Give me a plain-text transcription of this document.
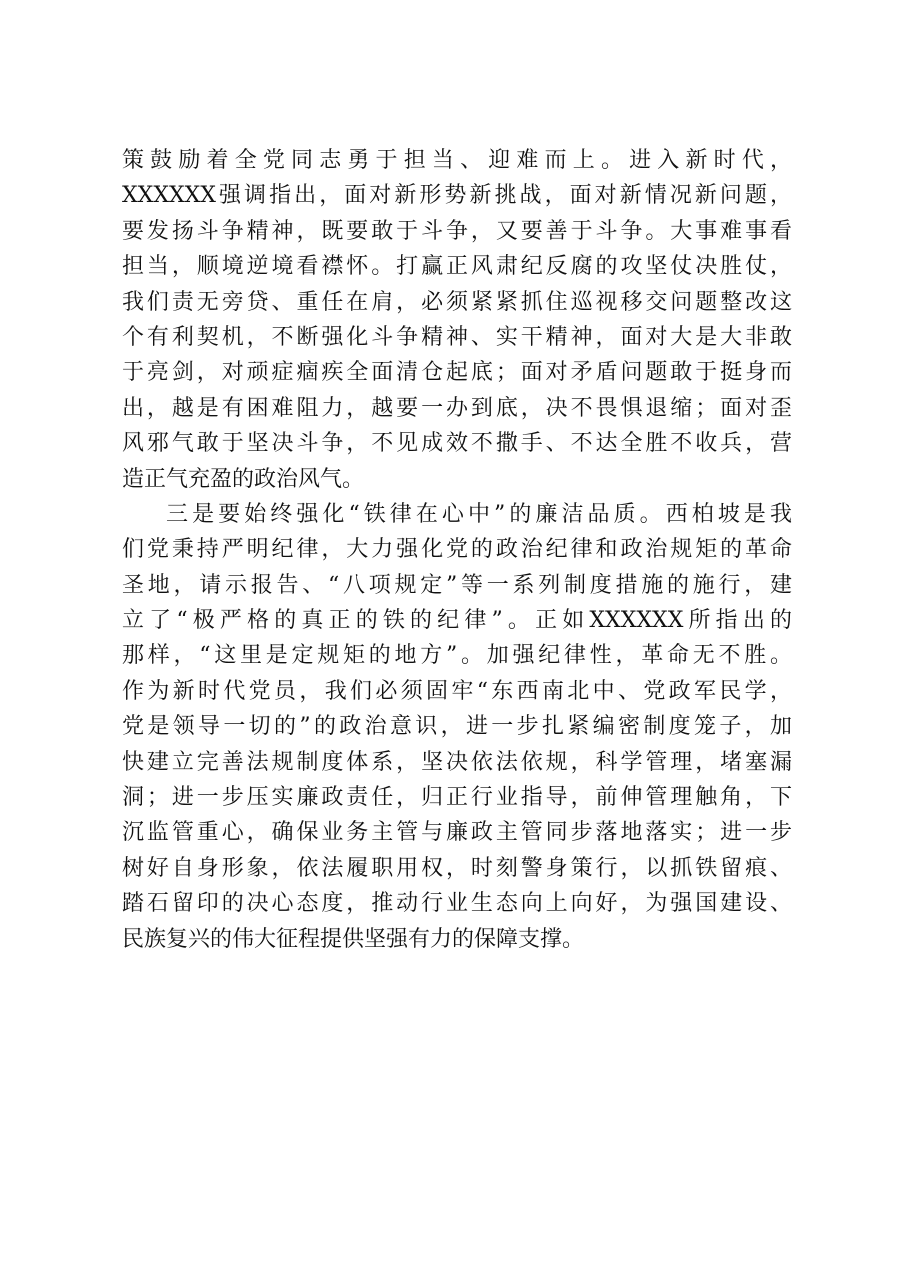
策鼓励着全党同志勇于担当、迎难而上。进入新时代，
XXXXXX强调指出，面对新形势新挑战，面对新情况新问题，
要发扬斗争精神，既要敢于斗争，又要善于斗争。大事难事看
担当，顺境逆境看襟怀。打赢正风肃纪反腐的攻坚仗决胜仗，
我们责无旁贷、重任在肩，必须紧紧抓住巡视移交问题整改这
个有利契机，不断强化斗争精神、实干精神，面对大是大非敢
于亮剑，对顽症痼疾全面清仓起底；面对矛盾问题敢于挺身而
出，越是有困难阻力，越要一办到底，决不畏惧退缩；面对歪
风邪气敢于坚决斗争，不见成效不撒手、不达全胜不收兵，营
造正气充盈的政治风气。
三是要始终强化“铁律在心中”的廉洁品质。西柏坡是我
们党秉持严明纪律，大力强化党的政治纪律和政治规矩的革命
圣地，请示报告、“八项规定”等一系列制度措施的施行，建
立了“极严格的真正的铁的纪律”。正如XXXXXX所指出的
那样，“这里是定规矩的地方”。加强纪律性，革命无不胜。
作为新时代党员，我们必须固牢“东西南北中、党政军民学，
党是领导一切的”的政治意识，进一步扎紧编密制度笼子，加
快建立完善法规制度体系，坚决依法依规，科学管理，堵塞漏
洞；进一步压实廉政责任，归正行业指导，前伸管理触角，下
沉监管重心，确保业务主管与廉政主管同步落地落实；进一步
树好自身形象，依法履职用权，时刻警身策行，以抓铁留痕、
踏石留印的决心态度，推动行业生态向上向好，为强国建设、
民族复兴的伟大征程提供坚强有力的保障支撑。
